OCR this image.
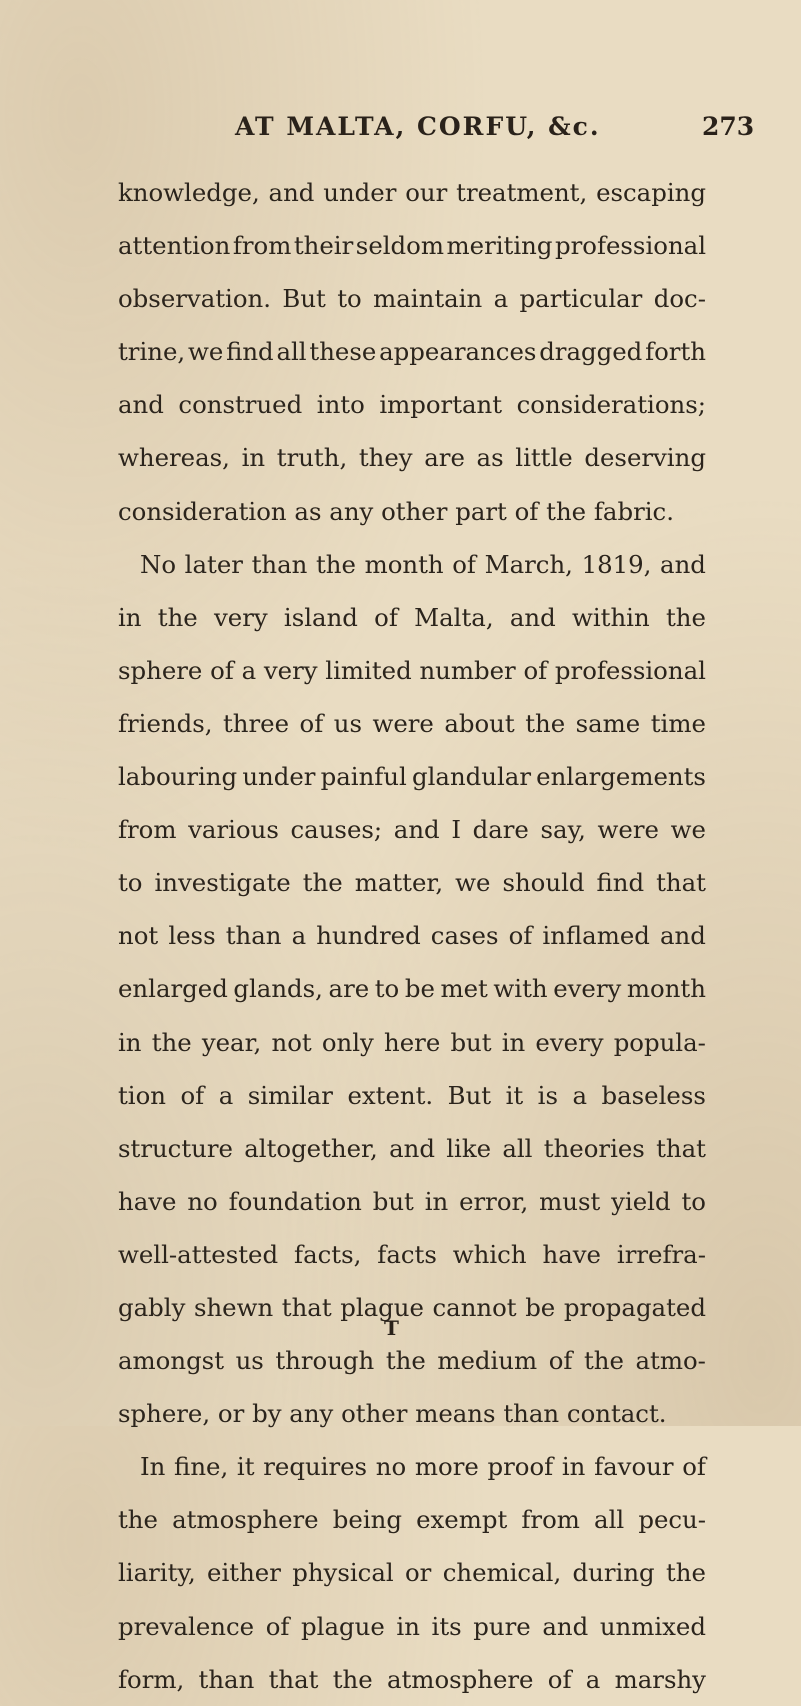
AT MALTA, CORFU, &c.	273
knowledge, and under our treatment, escaping
attention from their seldom meriting professional
observation. But to maintain a particular doc-
trine, we find all these appearances dragged forth
and construed into important considerations;
whereas, in truth, they are as little deserving
consideration as any other part of the fabric.
No later than the month of March, 1819, and
in the very island of Malta, and within the
sphere of a very limited number of professional
friends, three of us were about the same time
labouring under painful glandular enlargements
from various causes; and I dare say, were we
to investigate the matter, we should find that
not less than a hundred cases of inflamed and
enlarged glands, are to be met with every month
in the year, not only here but in every popula-
tion of a similar extent. But it is a baseless
structure altogether, and like all theories that
have no foundation but in error, must yield to
well-attested facts, facts which have irrefra-
gably shewn that plague cannot be propagated
amongst us through the medium of the atmo-
sphere, or by any other means than contact.
In fine, it requires no more proof in favour of
the atmosphere being exempt from all pecu-
liarity, either physical or chemical, during the
prevalence of plague in its pure and unmixed
form, than that the atmosphere of a marshy
T
